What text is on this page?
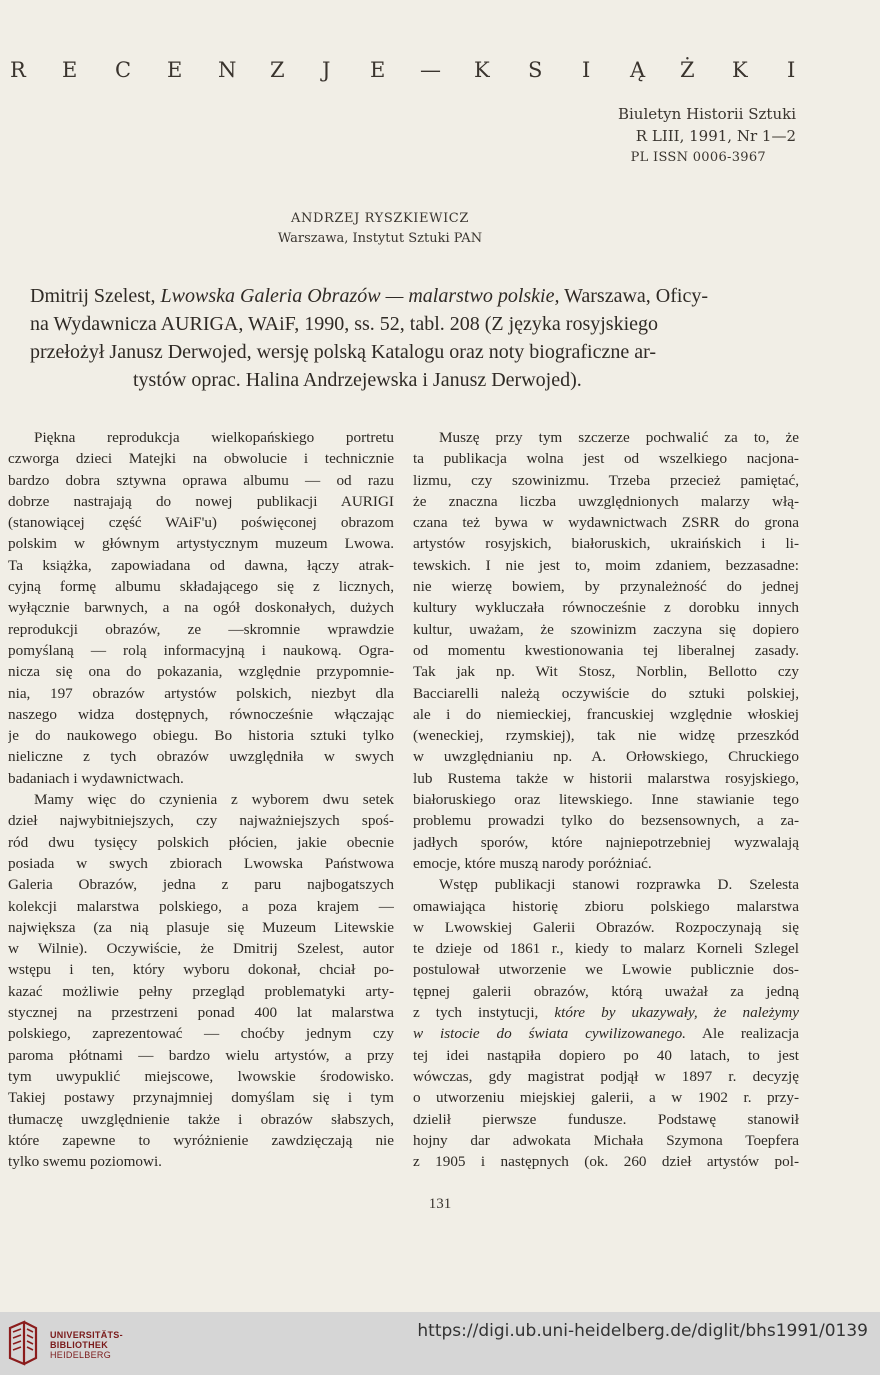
R E C E N Z J E — K S I Ą Ż K I
Biuletyn Historii Sztuki
R LIII, 1991, Nr 1—2
PL ISSN 0006-3967
ANDRZEJ RYSZKIEWICZ
Warszawa, Instytut Sztuki PAN
Dmitrij Szelest, Lwowska Galeria Obrazów — malarstwo polskie, Warszawa, Oficy-
na Wydawnicza AURIGA, WAiF, 1990, ss. 52, tabl. 208 (Z języka rosyjskiego
przełożył Janusz Derwojed, wersję polską Katalogu oraz noty biograficzne ar-
tystów oprac. Halina Andrzejewska i Janusz Derwojed).
Piękna reprodukcja wielkopańskiego portretu
czworga dzieci Matejki na obwolucie i technicznie
bardzo dobra sztywna oprawa albumu — od razu
dobrze nastrajają do nowej publikacji AURIGI
(stanowiącej część WAiF'u) poświęconej obrazom
polskim w głównym artystycznym muzeum Lwowa.
Ta książka, zapowiadana od dawna, łączy atrak-
cyjną formę albumu składającego się z licznych,
wyłącznie barwnych, a na ogół doskonałych, dużych
reprodukcji obrazów, ze —skromnie wprawdzie
pomyślaną — rolą informacyjną i naukową. Ogra-
nicza się ona do pokazania, względnie przypomnie-
nia, 197 obrazów artystów polskich, niezbyt dla
naszego widza dostępnych, równocześnie włączając
je do naukowego obiegu. Bo historia sztuki tylko
nieliczne z tych obrazów uwzględniła w swych
badaniach i wydawnictwach.
Mamy więc do czynienia z wyborem dwu setek
dzieł najwybitniejszych, czy najważniejszych spoś-
ród dwu tysięcy polskich płócien, jakie obecnie
posiada w swych zbiorach Lwowska Państwowa
Galeria Obrazów, jedna z paru najbogatszych
kolekcji malarstwa polskiego, a poza krajem —
największa (za nią plasuje się Muzeum Litewskie
w Wilnie). Oczywiście, że Dmitrij Szelest, autor
wstępu i ten, który wyboru dokonał, chciał po-
kazać możliwie pełny przegląd problematyki arty-
stycznej na przestrzeni ponad 400 lat malarstwa
polskiego, zaprezentować — choćby jednym czy
paroma płótnami — bardzo wielu artystów, a przy
tym uwypuklić miejscowe, lwowskie środowisko.
Takiej postawy przynajmniej domyślam się i tym
tłumaczę uwzględnienie także i obrazów słabszych,
które zapewne to wyróżnienie zawdzięczają nie
tylko swemu poziomowi.
Muszę przy tym szczerze pochwalić za to, że
ta publikacja wolna jest od wszelkiego nacjona-
lizmu, czy szowinizmu. Trzeba przecież pamiętać,
że znaczna liczba uwzględnionych malarzy włą-
czana też bywa w wydawnictwach ZSRR do grona
artystów rosyjskich, białoruskich, ukraińskich i li-
tewskich. I nie jest to, moim zdaniem, bezzasadne:
nie wierzę bowiem, by przynależność do jednej
kultury wykluczała równocześnie z dorobku innych
kultur, uważam, że szowinizm zaczyna się dopiero
od momentu kwestionowania tej liberalnej zasady.
Tak jak np. Wit Stosz, Norblin, Bellotto czy
Bacciarelli należą oczywiście do sztuki polskiej,
ale i do niemieckiej, francuskiej względnie włoskiej
(weneckiej, rzymskiej), tak nie widzę przeszkód
w uwzględnianiu np. A. Orłowskiego, Chruckiego
lub Rustema także w historii malarstwa rosyjskiego,
białoruskiego oraz litewskiego. Inne stawianie tego
problemu prowadzi tylko do bezsensownych, a za-
jadłych sporów, które najniepotrzebniej wyzwalają
emocje, które muszą narody poróżniać.
Wstęp publikacji stanowi rozprawka D. Szelesta
omawiająca historię zbioru polskiego malarstwa
w Lwowskiej Galerii Obrazów. Rozpoczynają się
te dzieje od 1861 r., kiedy to malarz Korneli Szlegel
postulował utworzenie we Lwowie publicznie dos-
tępnej galerii obrazów, którą uważał za jedną
z tych instytucji, które by ukazywały, że należymy
w istocie do świata cywilizowanego. Ale realizacja
tej idei nastąpiła dopiero po 40 latach, to jest
wówczas, gdy magistrat podjął w 1897 r. decyzję
o utworzeniu miejskiej galerii, a w 1902 r. przy-
dzielił pierwsze fundusze. Podstawę stanowił
hojny dar adwokata Michała Szymona Toepfera
z 1905 i następnych (ok. 260 dzieł artystów pol-
131
UNIVERSITÄTS-
BIBLIOTHEK
HEIDELBERG
https://digi.ub.uni-heidelberg.de/diglit/bhs1991/0139
